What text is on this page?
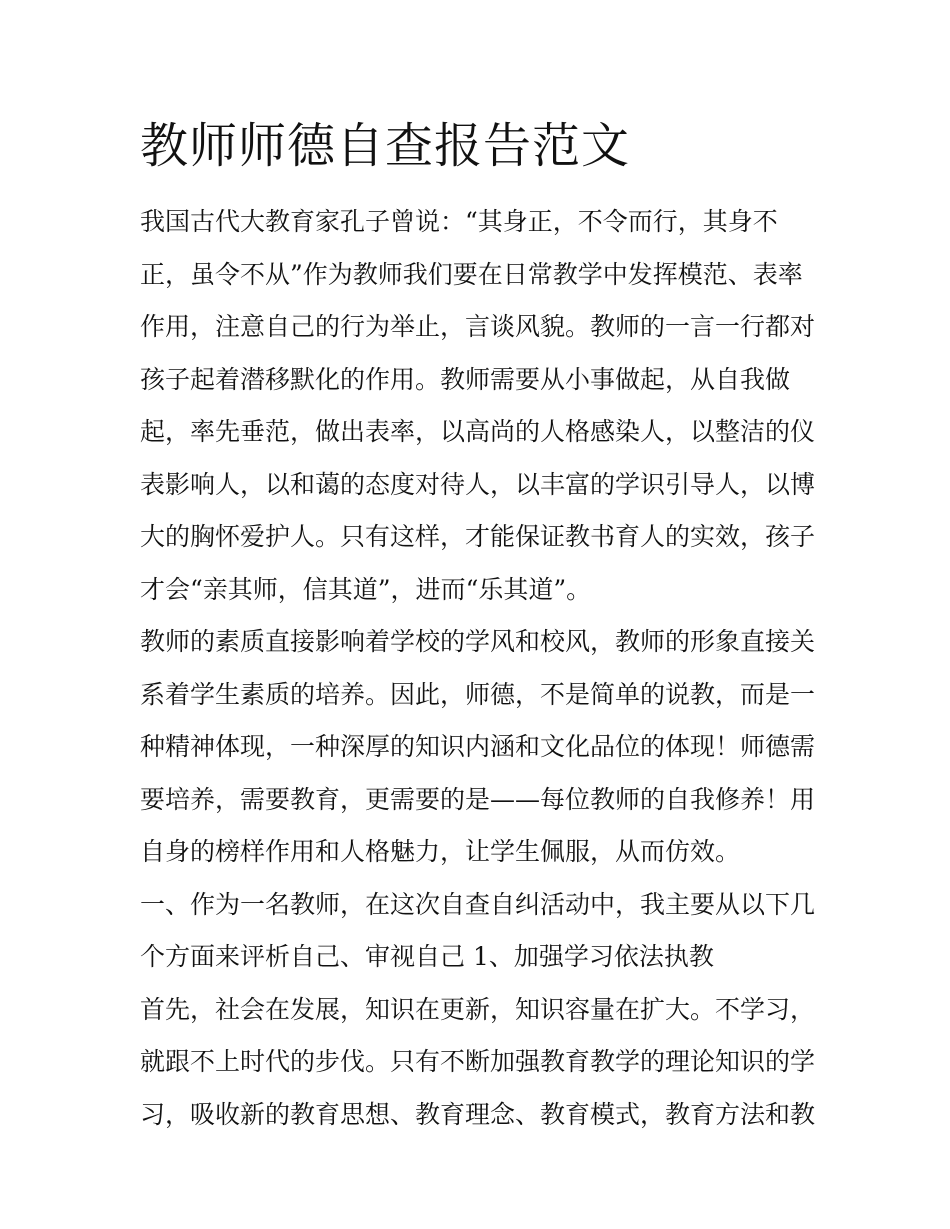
教师师德自查报告范文
我国古代大教育家孔子曾说：“其身正，不令而行，其身不
正，虽令不从”作为教师我们要在日常教学中发挥模范、表率
作用，注意自己的行为举止，言谈风貌。教师的一言一行都对
孩子起着潜移默化的作用。教师需要从小事做起，从自我做
起，率先垂范，做出表率，以高尚的人格感染人，以整洁的仪
表影响人，以和蔼的态度对待人，以丰富的学识引导人，以博
大的胸怀爱护人。只有这样，才能保证教书育人的实效，孩子
才会“亲其师，信其道”，进而“乐其道”。
教师的素质直接影响着学校的学风和校风，教师的形象直接关
系着学生素质的培养。因此，师德，不是简单的说教，而是一
种精神体现，一种深厚的知识内涵和文化品位的体现！师德需
要培养，需要教育，更需要的是——每位教师的自我修养！用
自身的榜样作用和人格魅力，让学生佩服，从而仿效。
一、作为一名教师，在这次自查自纠活动中，我主要从以下几
个方面来评析自己、审视自己 1、加强学习依法执教
首先，社会在发展，知识在更新，知识容量在扩大。不学习，
就跟不上时代的步伐。只有不断加强教育教学的理论知识的学
习，吸收新的教育思想、教育理念、教育模式，教育方法和教
